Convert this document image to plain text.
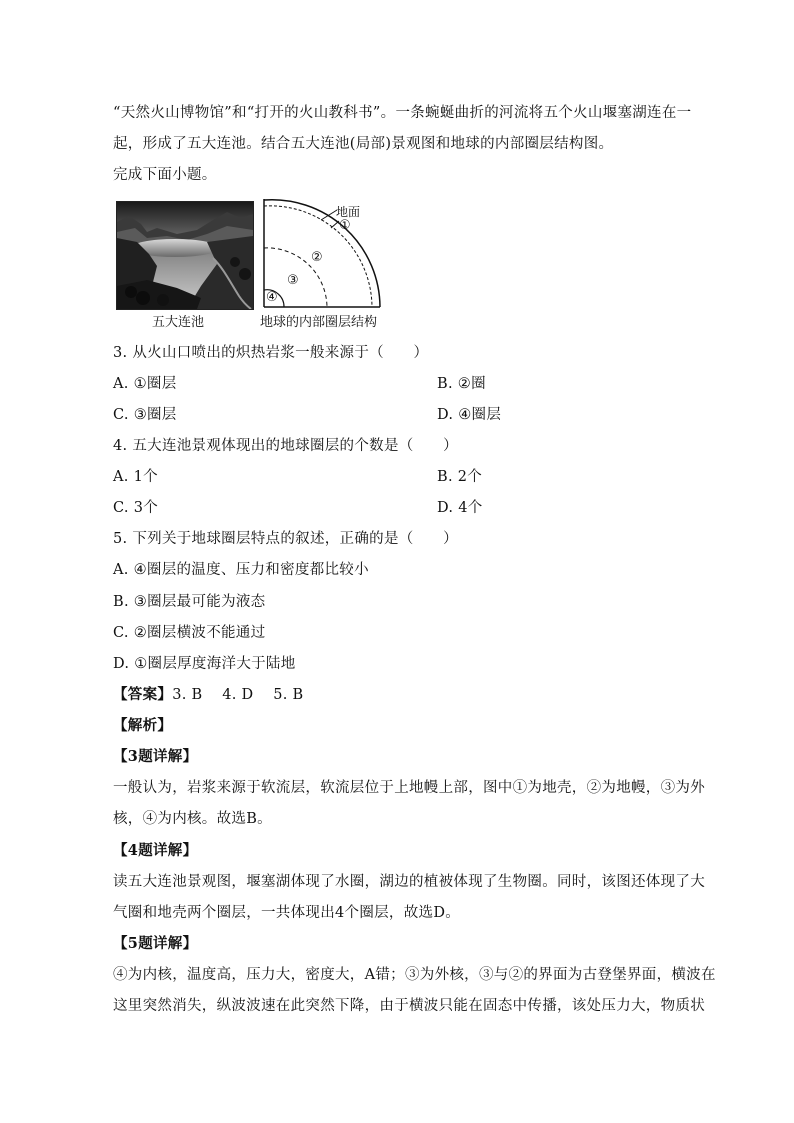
“天然火山博物馆”和“打开的火山教科书”。一条蜿蜒曲折的河流将五个火山堰塞湖连在一
起，形成了五大连池。结合五大连池(局部)景观图和地球的内部圈层结构图。
完成下面小题。
五大连池
地面
①
②
③
④
地球的内部圈层结构
3. 从火山口喷出的炽热岩浆一般来源于（　　）
A. ①圈层	B. ②圈
C. ③圈层	D. ④圈层
4. 五大连池景观体现出的地球圈层的个数是（　　）
A. 1个	B. 2个
C. 3个	D. 4个
5. 下列关于地球圈层特点的叙述，正确的是（　　）
A. ④圈层的温度、压力和密度都比较小
B. ③圈层最可能为液态
C. ②圈层横波不能通过
D. ①圈层厚度海洋大于陆地
【答案】3. B　 4. D　 5. B
【解析】
【3题详解】
一般认为，岩浆来源于软流层，软流层位于上地幔上部，图中①为地壳，②为地幔，③为外
核，④为内核。故选B。
【4题详解】
读五大连池景观图，堰塞湖体现了水圈，湖边的植被体现了生物圈。同时，该图还体现了大
气圈和地壳两个圈层，一共体现出4个圈层，故选D。
【5题详解】
④为内核，温度高，压力大，密度大，A错；③为外核，③与②的界面为古登堡界面，横波在
这里突然消失，纵波波速在此突然下降，由于横波只能在固态中传播，该处压力大，物质状
